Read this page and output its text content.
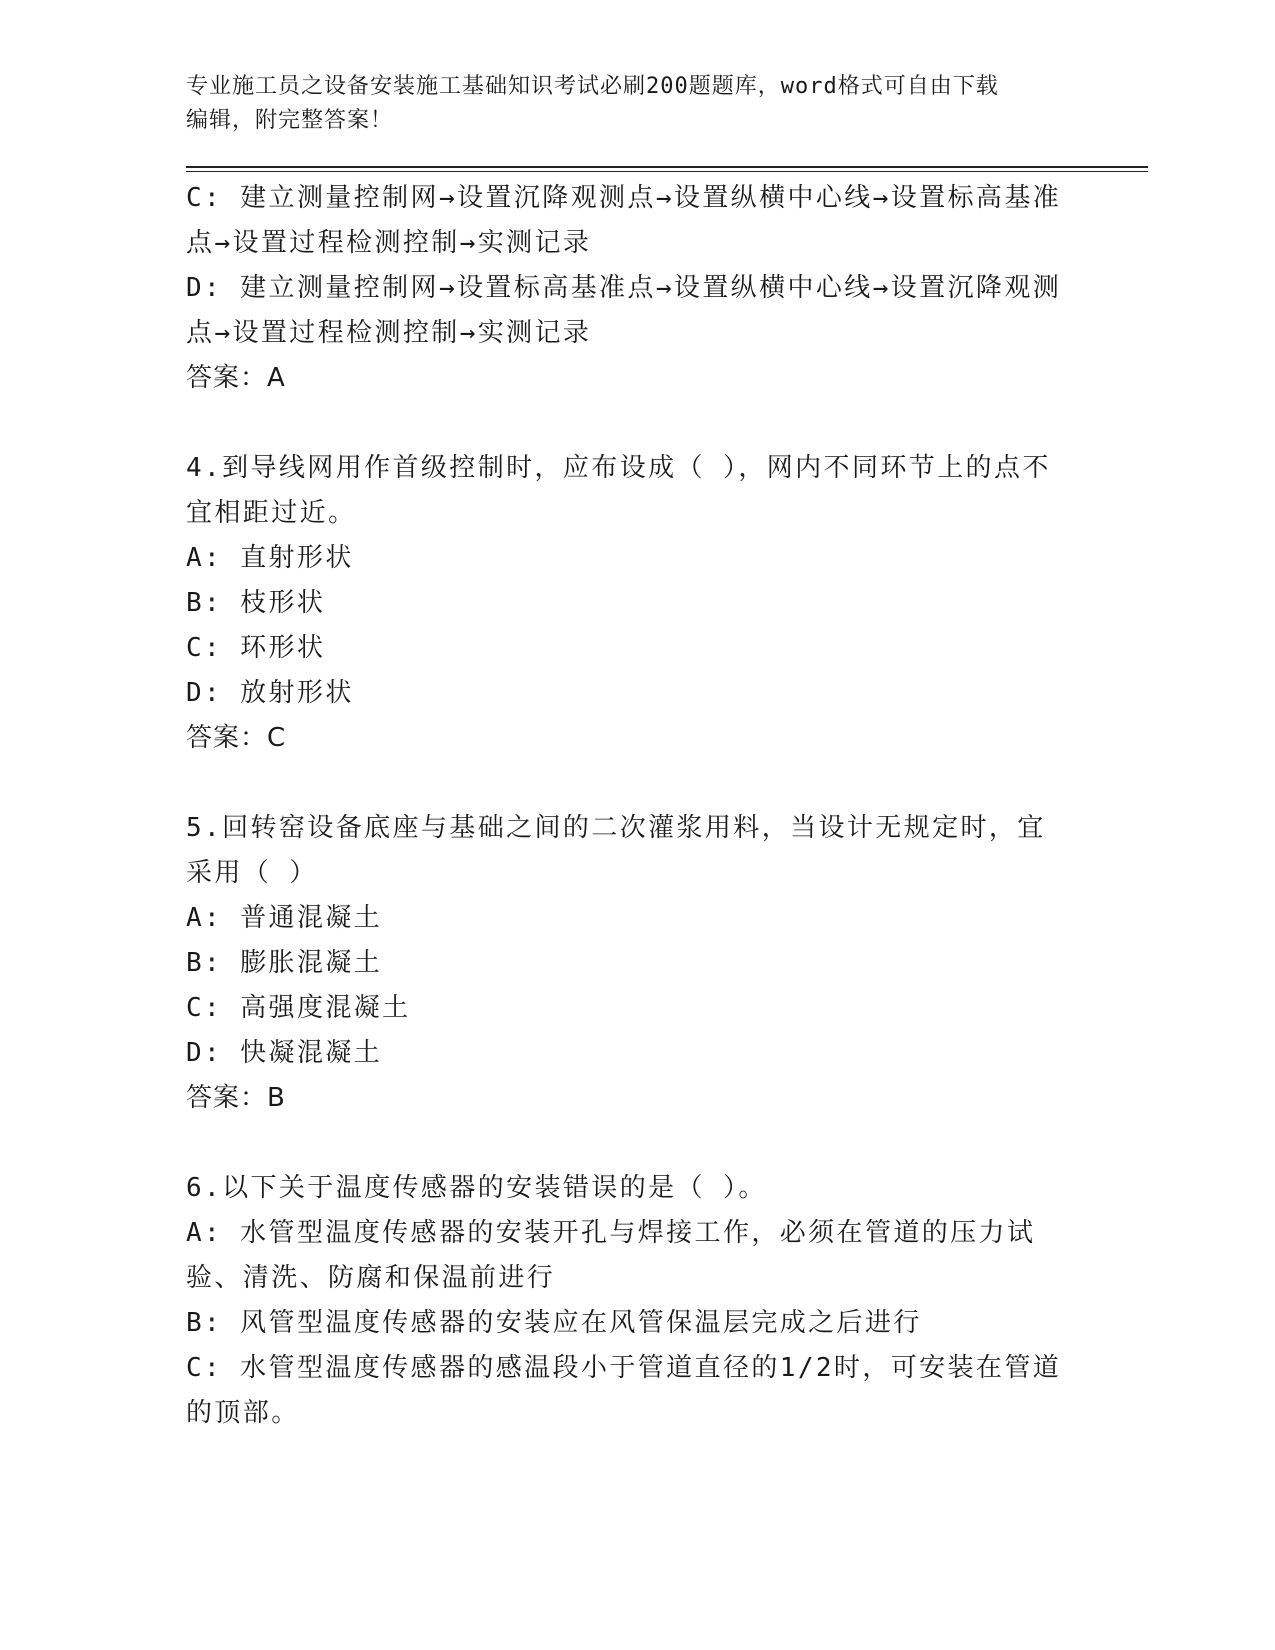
专业施工员之设备安装施工基础知识考试必刷200题题库，word格式可自由下载

编辑，附完整答案！

C: 建立测量控制网→设置沉降观测点→设置纵横中心线→设置标高基准点→设置过程检测控制→实测记录

D: 建立测量控制网→设置标高基准点→设置纵横中心线→设置沉降观测点→设置过程检测控制→实测记录

答案：A

4.到导线网用作首级控制时，应布设成（ ），网内不同环节上的点不宜相距过近。

A: 直射形状

B: 枝形状

C: 环形状

D: 放射形状

答案：C

5.回转窑设备底座与基础之间的二次灌浆用料，当设计无规定时，宜采用（ ）

A: 普通混凝土

B: 膨胀混凝土

C: 高强度混凝土

D: 快凝混凝土

答案：B

6.以下关于温度传感器的安装错误的是（ ）。

A: 水管型温度传感器的安装开孔与焊接工作，必须在管道的压力试验、清洗、防腐和保温前进行

B: 风管型温度传感器的安装应在风管保温层完成之后进行

C: 水管型温度传感器的感温段小于管道直径的1/2时，可安装在管道的顶部。
